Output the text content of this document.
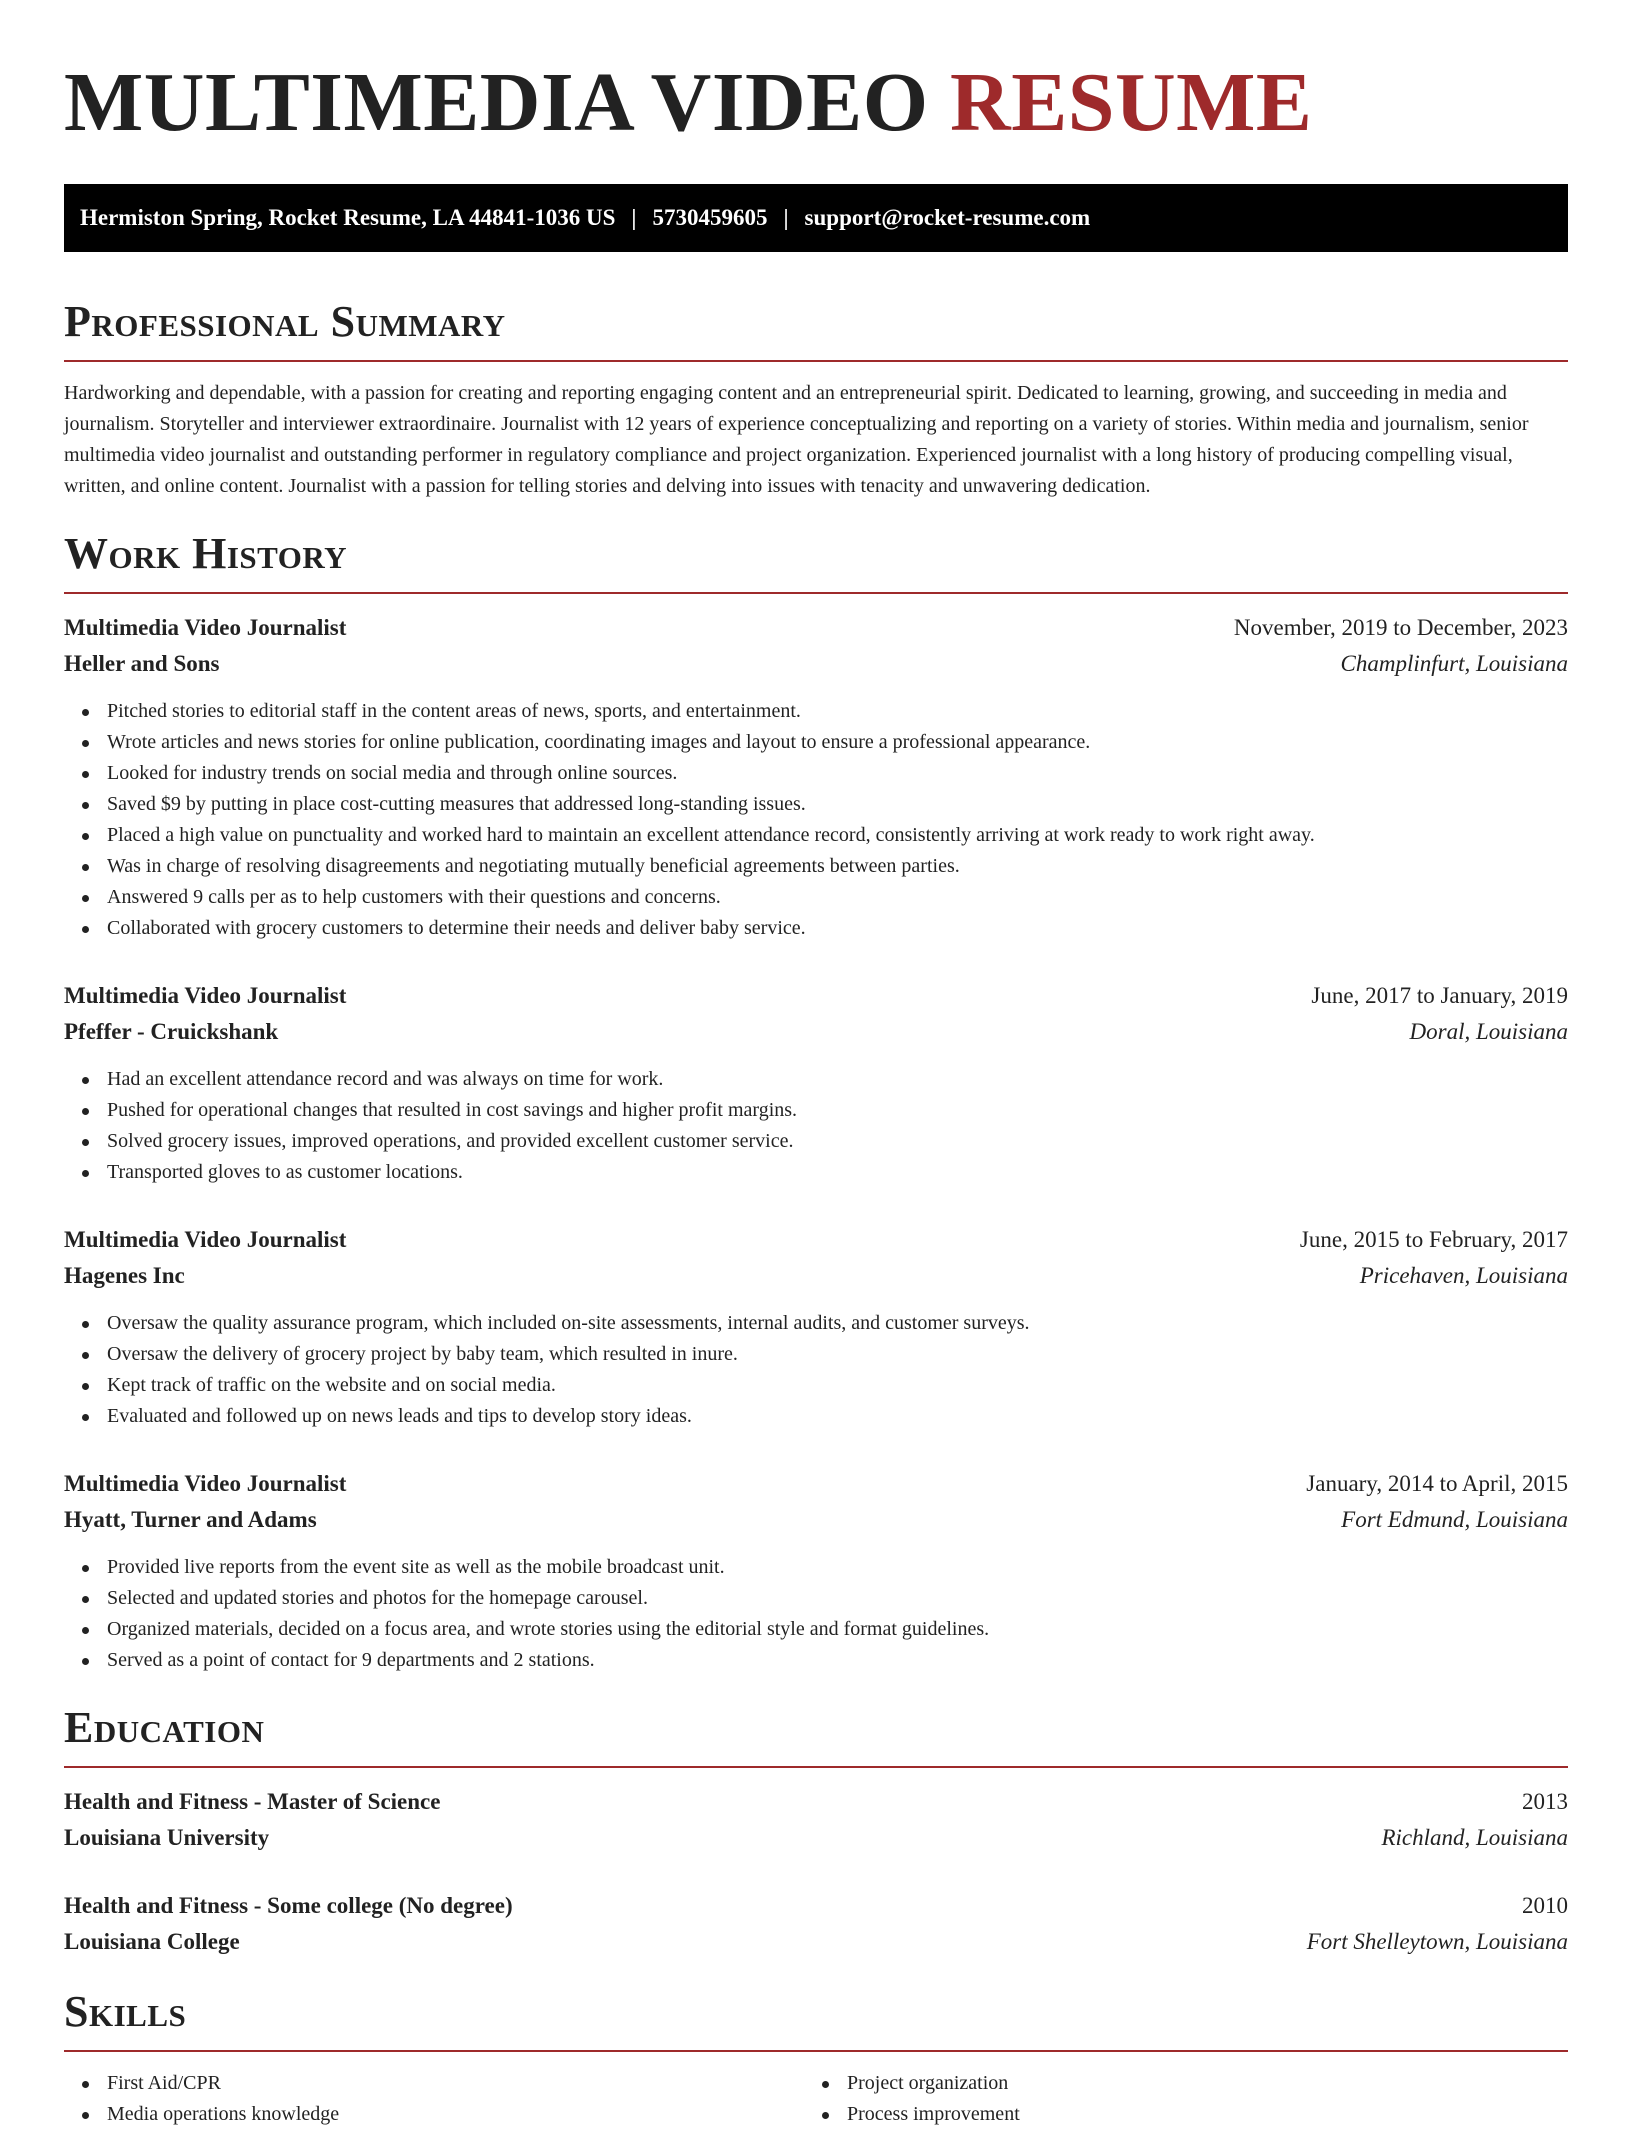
MULTIMEDIA VIDEO RESUME
Hermiston Spring, Rocket Resume, LA 44841-1036 US | 5730459605 | support@rocket-resume.com
Professional Summary

Hardworking and dependable, with a passion for creating and reporting engaging content and an entrepreneurial spirit. Dedicated to learning, growing, and succeeding in media and journalism. Storyteller and interviewer extraordinaire. Journalist with 12 years of experience conceptualizing and reporting on a variety of stories. Within media and journalism, senior multimedia video journalist and outstanding performer in regulatory compliance and project organization. Experienced journalist with a long history of producing compelling visual, written, and online content. Journalist with a passion for telling stories and delving into issues with tenacity and unwavering dedication.

Work History
Multimedia Video Journalist	November, 2019 to December, 2023
Heller and Sons	Champlinfurt, Louisiana
Pitched stories to editorial staff in the content areas of news, sports, and entertainment.
Wrote articles and news stories for online publication, coordinating images and layout to ensure a professional appearance.
Looked for industry trends on social media and through online sources.
Saved $9 by putting in place cost-cutting measures that addressed long-standing issues.
Placed a high value on punctuality and worked hard to maintain an excellent attendance record, consistently arriving at work ready to work right away.
Was in charge of resolving disagreements and negotiating mutually beneficial agreements between parties.
Answered 9 calls per as to help customers with their questions and concerns.
Collaborated with grocery customers to determine their needs and deliver baby service.
Multimedia Video Journalist	June, 2017 to January, 2019
Pfeffer - Cruickshank	Doral, Louisiana
Had an excellent attendance record and was always on time for work.
Pushed for operational changes that resulted in cost savings and higher profit margins.
Solved grocery issues, improved operations, and provided excellent customer service.
Transported gloves to as customer locations.
Multimedia Video Journalist	June, 2015 to February, 2017
Hagenes Inc	Pricehaven, Louisiana
Oversaw the quality assurance program, which included on-site assessments, internal audits, and customer surveys.
Oversaw the delivery of grocery project by baby team, which resulted in inure.
Kept track of traffic on the website and on social media.
Evaluated and followed up on news leads and tips to develop story ideas.
Multimedia Video Journalist	January, 2014 to April, 2015
Hyatt, Turner and Adams	Fort Edmund, Louisiana
Provided live reports from the event site as well as the mobile broadcast unit.
Selected and updated stories and photos for the homepage carousel.
Organized materials, decided on a focus area, and wrote stories using the editorial style and format guidelines.
Served as a point of contact for 9 departments and 2 stations.
Education
Health and Fitness - Master of Science	2013
Louisiana University	Richland, Louisiana
Health and Fitness - Some college (No degree)	2010
Louisiana College	Fort Shelleytown, Louisiana
Skills
First Aid/CPR
Media operations knowledge
Project organization
Process improvement
